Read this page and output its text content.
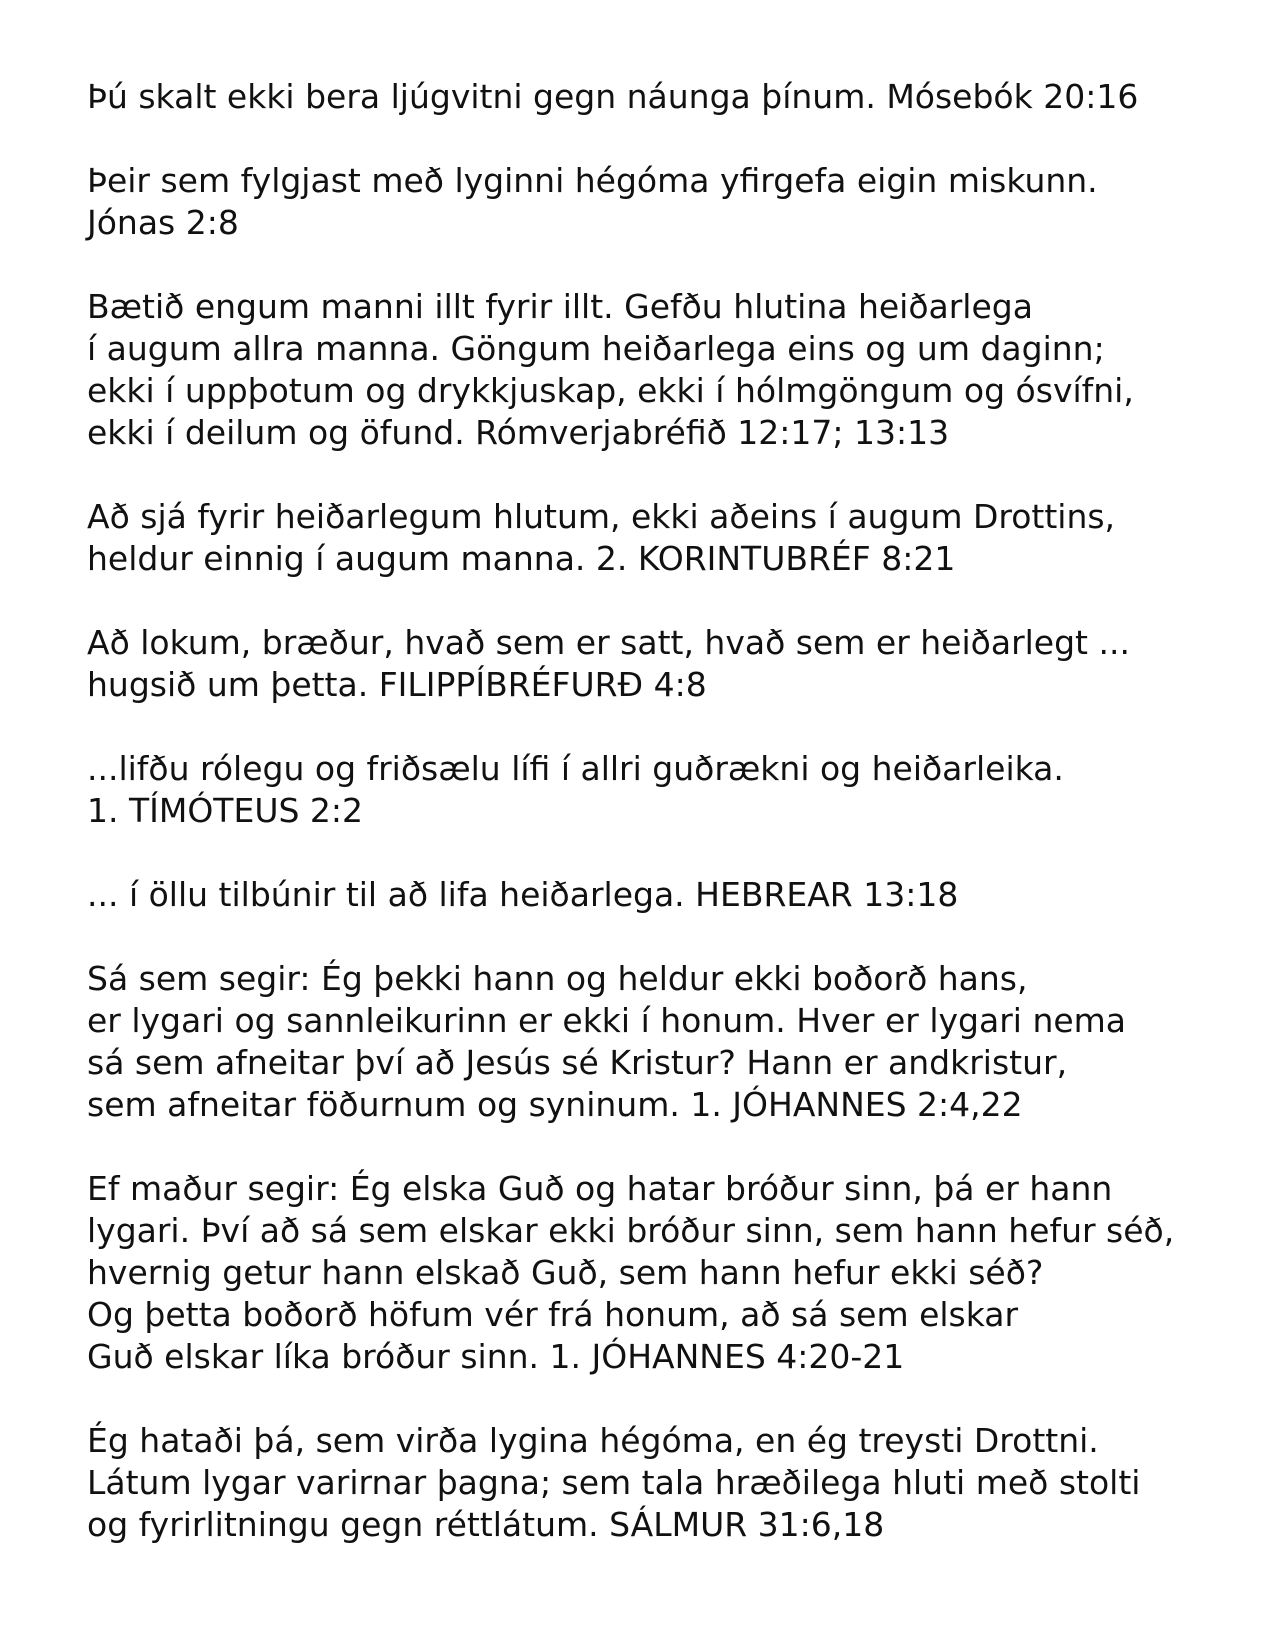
Þú skalt ekki bera ljúgvitni gegn náunga þínum. Mósebók 20:16

Þeir sem fylgjast með lyginni hégóma yfirgefa eigin miskunn.
Jónas 2:8

Bætið engum manni illt fyrir illt. Gefðu hlutina heiðarlega
í augum allra manna. Göngum heiðarlega eins og um daginn;
ekki í uppþotum og drykkjuskap, ekki í hólmgöngum og ósvífni,
ekki í deilum og öfund. Rómverjabréfið 12:17; 13:13

Að sjá fyrir heiðarlegum hlutum, ekki aðeins í augum Drottins,
heldur einnig í augum manna. 2. KORINTUBRÉF 8:21

Að lokum, bræður, hvað sem er satt, hvað sem er heiðarlegt ...
hugsið um þetta. FILIPPÍBRÉFURÐ 4:8

...lifðu rólegu og friðsælu lífi í allri guðrækni og heiðarleika.
1. TÍMÓTEUS 2:2

... í öllu tilbúnir til að lifa heiðarlega. HEBREAR 13:18

Sá sem segir: Ég þekki hann og heldur ekki boðorð hans,
er lygari og sannleikurinn er ekki í honum. Hver er lygari nema
sá sem afneitar því að Jesús sé Kristur? Hann er andkristur,
sem afneitar föðurnum og syninum. 1. JÓHANNES 2:4,22

Ef maður segir: Ég elska Guð og hatar bróður sinn, þá er hann
lygari. Því að sá sem elskar ekki bróður sinn, sem hann hefur séð,
hvernig getur hann elskað Guð, sem hann hefur ekki séð?
Og þetta boðorð höfum vér frá honum, að sá sem elskar
Guð elskar líka bróður sinn. 1. JÓHANNES 4:20-21

Ég hataði þá, sem virða lygina hégóma, en ég treysti Drottni.
Látum lygar varirnar þagna; sem tala hræðilega hluti með stolti
og fyrirlitningu gegn réttlátum. SÁLMUR 31:6,18
